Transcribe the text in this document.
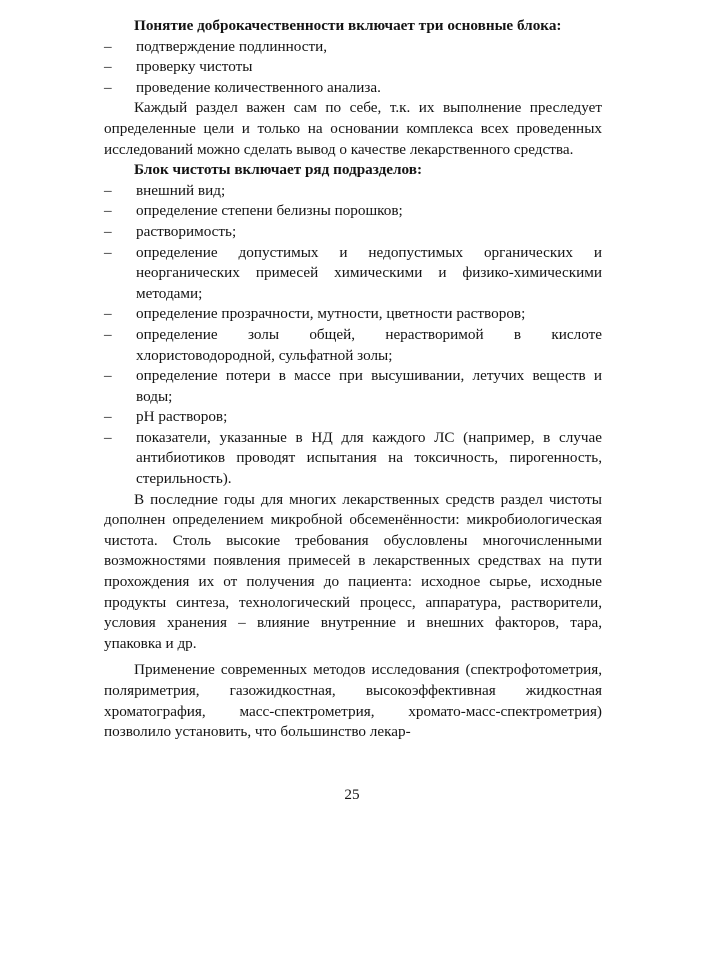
Понятие доброкачественности включает три основные блока:

–	подтверждение подлинности,
–	проверку чистоты
–	проведение количественного анализа.

Каждый раздел важен сам по себе, т.к. их выполнение преследует определенные цели и только на основании комплекса всех проведенных исследований можно сделать вывод о качестве лекарственного средства.

Блок чистоты включает ряд подразделов:

–	внешний вид;
–	определение степени белизны порошков;
–	растворимость;
–	определение допустимых и недопустимых органических и неорганических примесей химическими и физико-химическими методами;
–	определение прозрачности, мутности, цветности растворов;
–	определение золы общей, нерастворимой в кислоте хлористоводородной, сульфатной золы;
–	определение потери в массе при высушивании, летучих веществ и воды;
–	pH растворов;
–	показатели, указанные в НД для каждого ЛС (например, в случае антибиотиков проводят испытания на токсичность, пирогенность, стерильность).

В последние годы для многих лекарственных средств раздел чистоты дополнен определением микробной обсеменённости: микробиологическая чистота. Столь высокие требования обусловлены многочисленными возможностями появления примесей в лекарственных средствах на пути прохождения их от получения до пациента: исходное сырье, исходные продукты синтеза, технологический процесс, аппаратура, растворители, условия хранения – влияние внутренние и внешних факторов, тара, упаковка и др.

Применение современных методов исследования (спектрофотометрия, поляриметрия, газожидкостная, высокоэффективная жидкостная хроматография, масс-спектрометрия, хромато-масс-спектрометрия) позволило установить, что большинство лекар-

25
